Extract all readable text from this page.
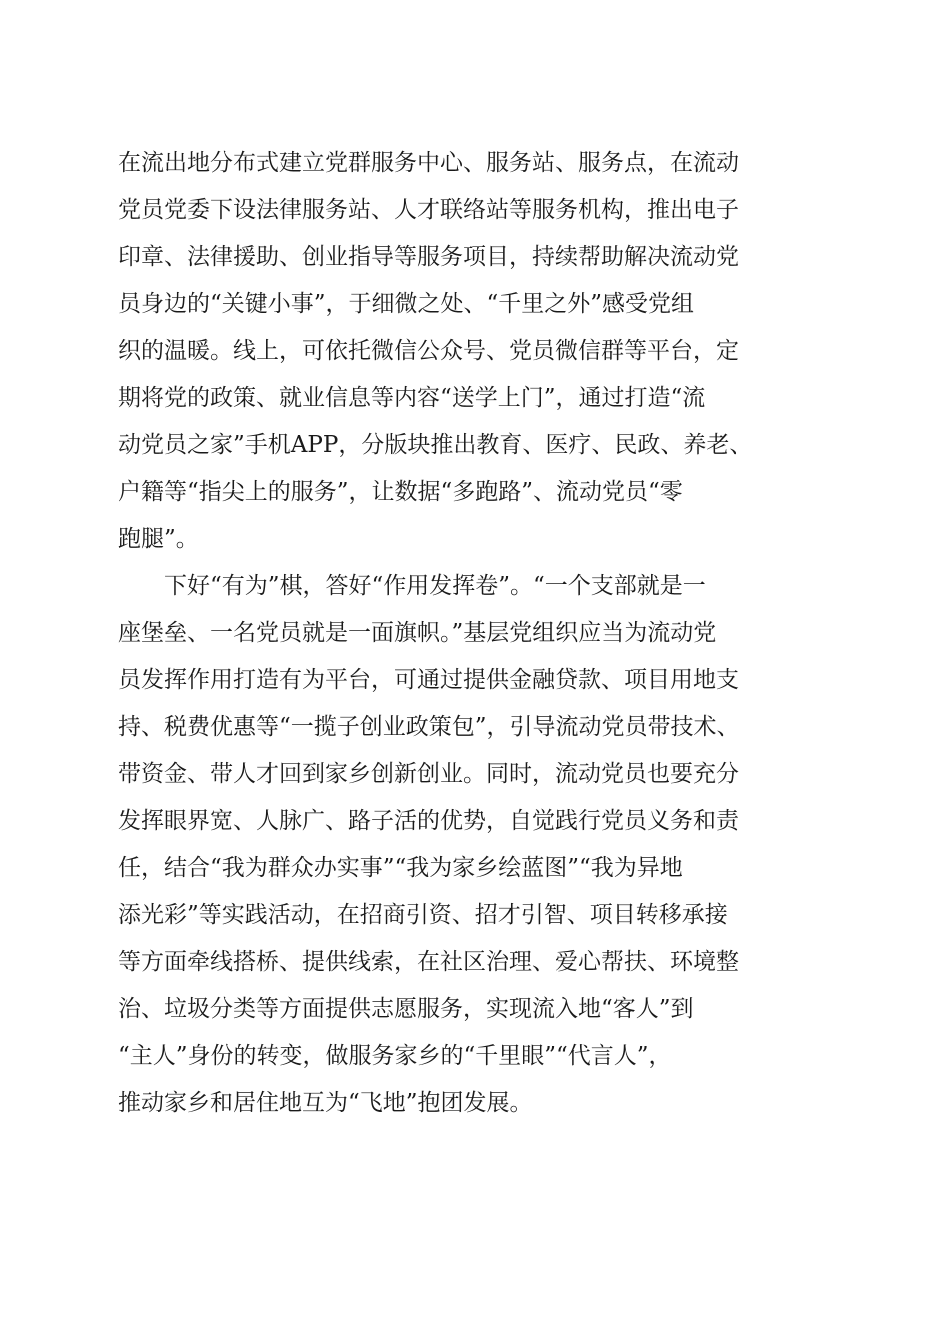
在流出地分布式建立党群服务中心、服务站、服务点，在流动
党员党委下设法律服务站、人才联络站等服务机构，推出电子
印章、法律援助、创业指导等服务项目，持续帮助解决流动党
员身边的“关键小事”，于细微之处、“千里之外”感受党组
织的温暖。线上，可依托微信公众号、党员微信群等平台，定
期将党的政策、就业信息等内容“送学上门”，通过打造“流
动党员之家”手机APP，分版块推出教育、医疗、民政、养老、
户籍等“指尖上的服务”，让数据“多跑路”、流动党员“零
跑腿”。
　　下好“有为”棋，答好“作用发挥卷”。“一个支部就是一
座堡垒、一名党员就是一面旗帜。”基层党组织应当为流动党
员发挥作用打造有为平台，可通过提供金融贷款、项目用地支
持、税费优惠等“一揽子创业政策包”，引导流动党员带技术、
带资金、带人才回到家乡创新创业。同时，流动党员也要充分
发挥眼界宽、人脉广、路子活的优势，自觉践行党员义务和责
任，结合“我为群众办实事”“我为家乡绘蓝图”“我为异地
添光彩”等实践活动，在招商引资、招才引智、项目转移承接
等方面牵线搭桥、提供线索，在社区治理、爱心帮扶、环境整
治、垃圾分类等方面提供志愿服务，实现流入地“客人”到
“主人”身份的转变，做服务家乡的“千里眼”“代言人”，
推动家乡和居住地互为“飞地”抱团发展。
